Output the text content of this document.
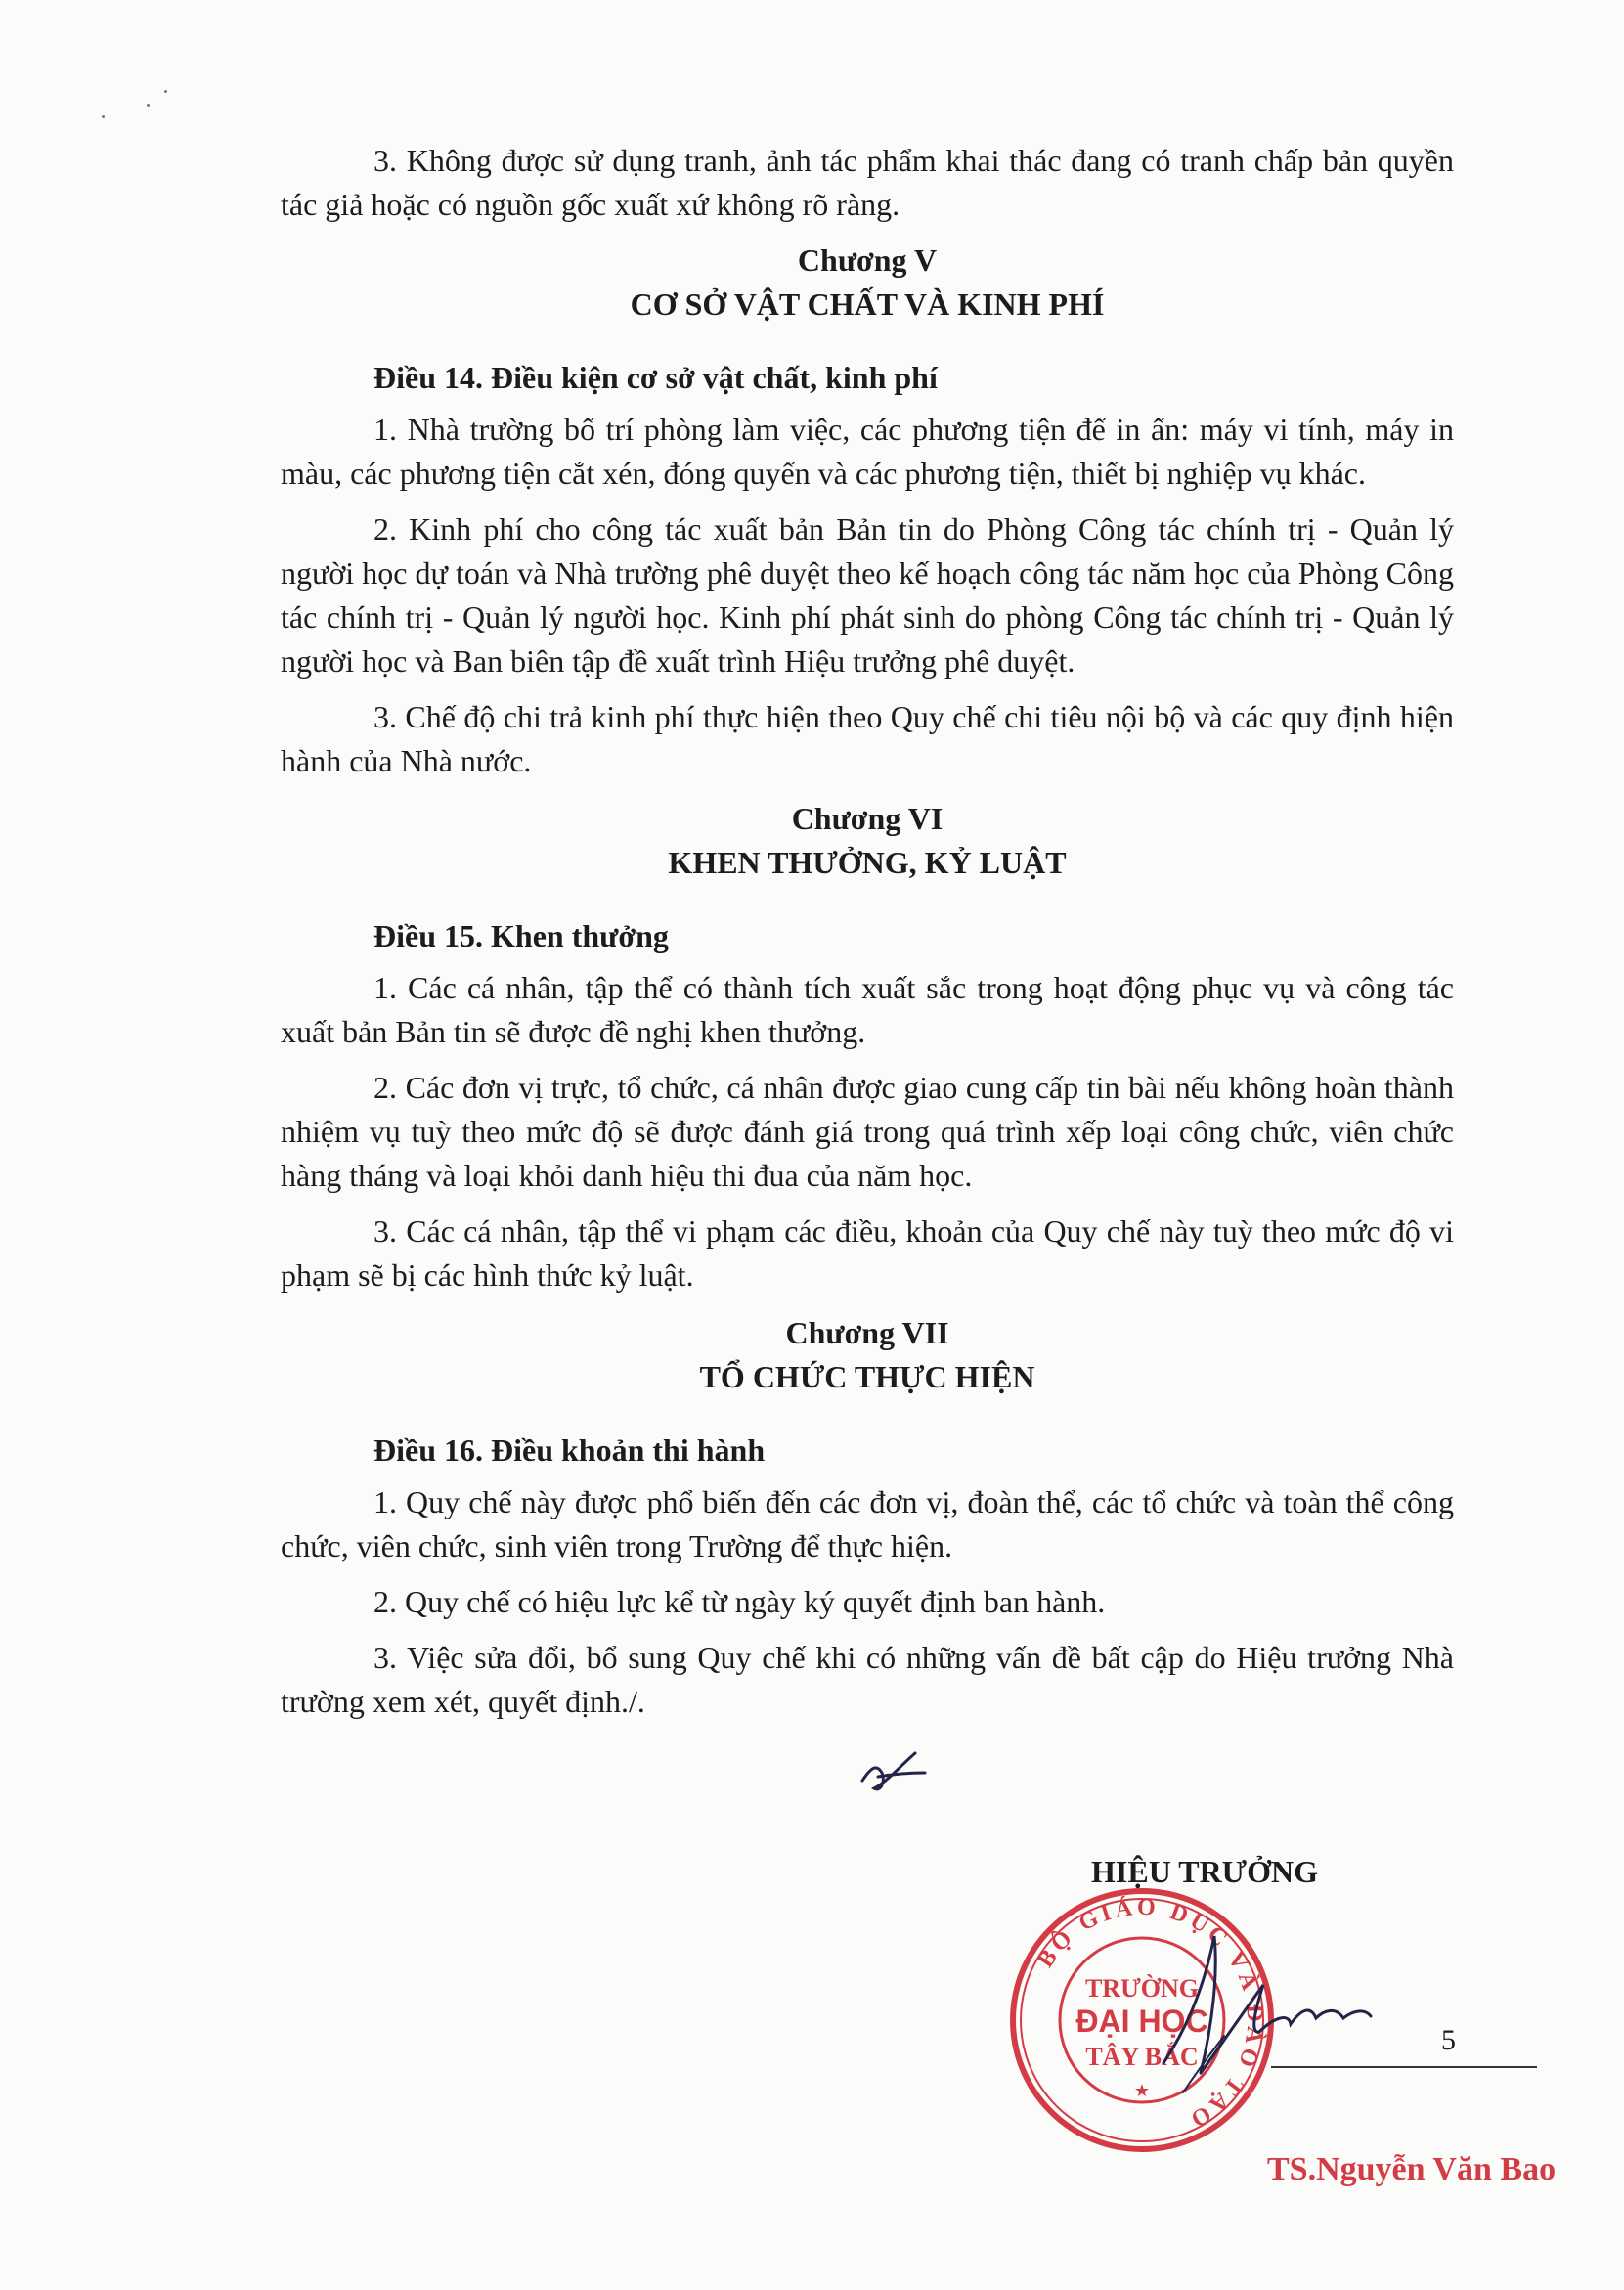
3. Không được sử dụng tranh, ảnh tác phẩm khai thác đang có tranh chấp bản quyền tác giả hoặc có nguồn gốc xuất xứ không rõ ràng.

Chương V

CƠ SỞ VẬT CHẤT VÀ KINH PHÍ

Điều 14. Điều kiện cơ sở vật chất, kinh phí

1. Nhà trường bố trí phòng làm việc, các phương tiện để in ấn: máy vi tính, máy in màu, các phương tiện cắt xén, đóng quyển và các phương tiện, thiết bị nghiệp vụ khác.

2. Kinh phí cho công tác xuất bản Bản tin do Phòng Công tác chính trị - Quản lý người học dự toán và Nhà trường phê duyệt theo kế hoạch công tác năm học của Phòng Công tác chính trị - Quản lý người học. Kinh phí phát sinh do phòng Công tác chính trị - Quản lý người học và Ban biên tập đề xuất trình Hiệu trưởng phê duyệt.

3. Chế độ chi trả kinh phí thực hiện theo Quy chế chi tiêu nội bộ và các quy định hiện hành của Nhà nước.

Chương VI

KHEN THƯỞNG, KỶ LUẬT

Điều 15. Khen thưởng

1. Các cá nhân, tập thể có thành tích xuất sắc trong hoạt động phục vụ và công tác xuất bản Bản tin sẽ được đề nghị khen thưởng.

2. Các đơn vị trực, tổ chức, cá nhân được giao cung cấp tin bài nếu không hoàn thành nhiệm vụ tuỳ theo mức độ sẽ được đánh giá trong quá trình xếp loại công chức, viên chức hàng tháng và loại khỏi danh hiệu thi đua của năm học.

3. Các cá nhân, tập thể vi phạm các điều, khoản của Quy chế này tuỳ theo mức độ vi phạm sẽ bị các hình thức kỷ luật.

Chương VII

TỔ CHỨC THỰC HIỆN

Điều 16. Điều khoản thi hành

1. Quy chế này được phổ biến đến các đơn vị, đoàn thể, các tổ chức và toàn thể công chức, viên chức, sinh viên trong Trường để thực hiện.

2. Quy chế có hiệu lực kể từ ngày ký quyết định ban hành.

3. Việc sửa đổi, bổ sung Quy chế khi có những vấn đề bất cập do Hiệu trưởng Nhà trường xem xét, quyết định./.

HIỆU TRƯỞNG
BỘ GIÁO DỤC VÀ ĐÀO TẠO
TRƯỜNG
ĐẠI HỌC
TÂY BẮC
★
5
TS.Nguyễn Văn Bao
